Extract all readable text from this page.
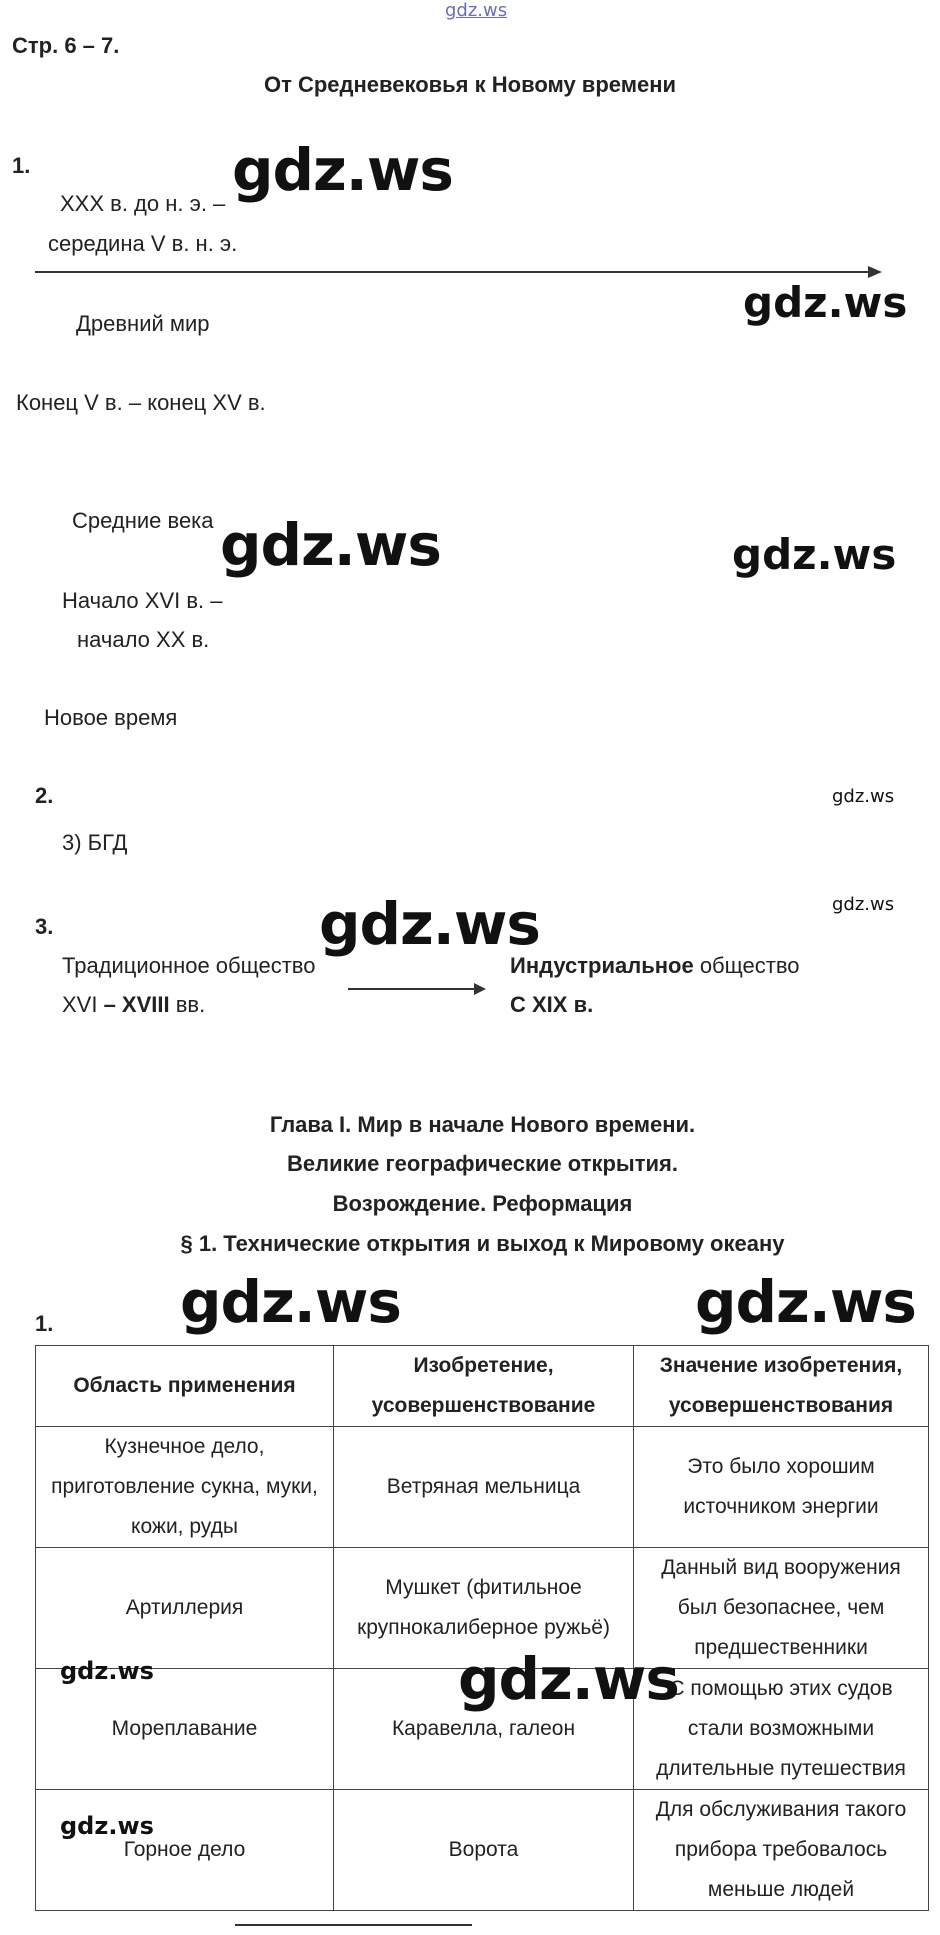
gdz.ws
Стр. 6 – 7.
От Средневековья к Новому времени
1.	gdz.ws
XXX в. до н. э. –
середина V в. н. э.
gdz.ws
Древний мир
Конец V в. – конец XV в.
Средние века gdz.ws	gdz.ws
Начало XVI в. –
начало XX в.
Новое время
2.	gdz.ws
3) БГД
3.
gdz.ws
gdz.ws
Традиционное общество
XVI – XVIII вв.
Индустриальное общество
С XIX в.
Глава I. Мир в начале Нового времени.
Великие географические открытия.
Возрождение. Реформация
§ 1. Технические открытия и выход к Мировому океану
1. gdz.ws	gdz.ws
Область применения	Изобретение, усовершенствование	Значение изобретения, усовершенствования
Кузнечное дело, приготовление сукна, муки, кожи, руды	Ветряная мельница	Это было хорошим источником энергии
Артиллерия	Мушкет (фитильное крупнокалиберное ружьё)	Данный вид вооружения был безопаснее, чем предшественники
Мореплавание	Каравелла, галеон	С помощью этих судов стали возможными длительные путешествия
Горное дело	Ворота	Для обслуживания такого прибора требовалось меньше людей
gdz.ws	gdz.ws
gdz.ws
